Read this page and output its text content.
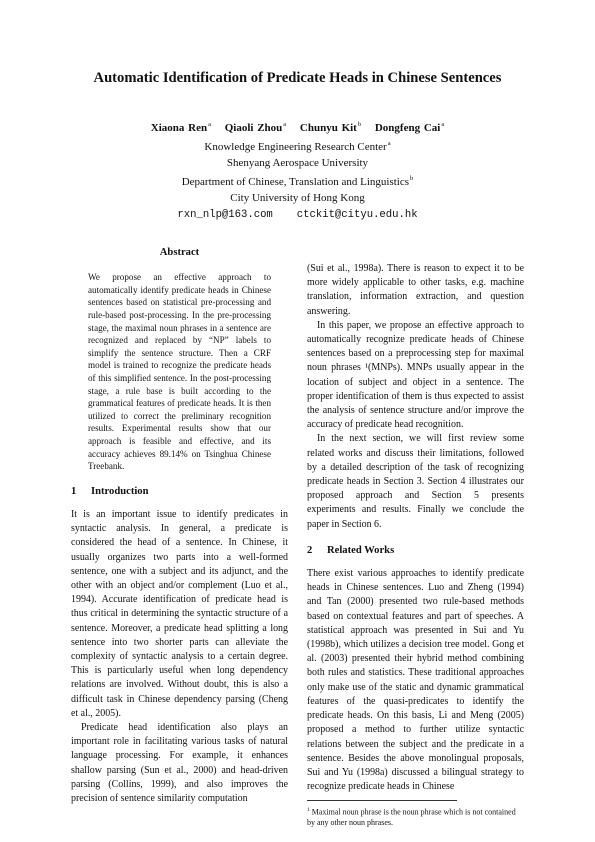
Automatic Identification of Predicate Heads in Chinese Sentences
Xiaona Ren$^a$ Qiaoli Zhou$^a$ Chunyu Kit$^b$ Dongfeng Cai$^a$
Knowledge Engineering Research Center$^a$
Shenyang Aerospace University
Department of Chinese, Translation and Linguistics$^b$
City University of Hong Kong
rxn_nlp@163.com ctckit@cityu.edu.hk
Abstract

We propose an effective approach to automatically identify predicate heads in Chinese sentences based on statistical pre-processing and rule-based post-processing. In the pre-processing stage, the maximal noun phrases in a sentence are recognized and replaced by “NP” labels to simplify the sentence structure. Then a CRF model is trained to recognize the predicate heads of this simplified sentence. In the post-processing stage, a rule base is built according to the grammatical features of predicate heads. It is then utilized to correct the preliminary recognition results. Experimental results show that our approach is feasible and effective, and its accuracy achieves 89.14% on Tsinghua Chinese Treebank.

1 Introduction

It is an important issue to identify predicates in syntactic analysis. In general, a predicate is considered the head of a sentence. In Chinese, it usually organizes two parts into a well-formed sentence, one with a subject and its adjunct, and the other with an object and/or complement (Luo et al., 1994). Accurate identification of predicate head is thus critical in determining the syntactic structure of a sentence. Moreover, a predicate head splitting a long sentence into two shorter parts can alleviate the complexity of syntactic analysis to a certain degree. This is particularly useful when long dependency relations are involved. Without doubt, this is also a difficult task in Chinese dependency parsing (Cheng et al., 2005).

Predicate head identification also plays an important role in facilitating various tasks of natural language processing. For example, it enhances shallow parsing (Sun et al., 2000) and head-driven parsing (Collins, 1999), and also improves the precision of sentence similarity computation

(Sui et al., 1998a). There is reason to expect it to be more widely applicable to other tasks, e.g. machine translation, information extraction, and question answering.

In this paper, we propose an effective approach to automatically recognize predicate heads of Chinese sentences based on a preprocessing step for maximal noun phrases ¹(MNPs). MNPs usually appear in the location of subject and object in a sentence. The proper identification of them is thus expected to assist the analysis of sentence structure and/or improve the accuracy of predicate head recognition.

In the next section, we will first review some related works and discuss their limitations, followed by a detailed description of the task of recognizing predicate heads in Section 3. Section 4 illustrates our proposed approach and Section 5 presents experiments and results. Finally we conclude the paper in Section 6.

2 Related Works

There exist various approaches to identify predicate heads in Chinese sentences. Luo and Zheng (1994) and Tan (2000) presented two rule-based methods based on contextual features and part of speeches. A statistical approach was presented in Sui and Yu (1998b), which utilizes a decision tree model. Gong et al. (2003) presented their hybrid method combining both rules and statistics. These traditional approaches only make use of the static and dynamic grammatical features of the quasi-predicates to identify the predicate heads. On this basis, Li and Meng (2005) proposed a method to further utilize syntactic relations between the subject and the predicate in a sentence. Besides the above monolingual proposals, Sui and Yu (1998a) discussed a bilingual strategy to recognize predicate heads in Chinese

$^1$ Maximal noun phrase is the noun phrase which is not contained by any other noun phrases.
